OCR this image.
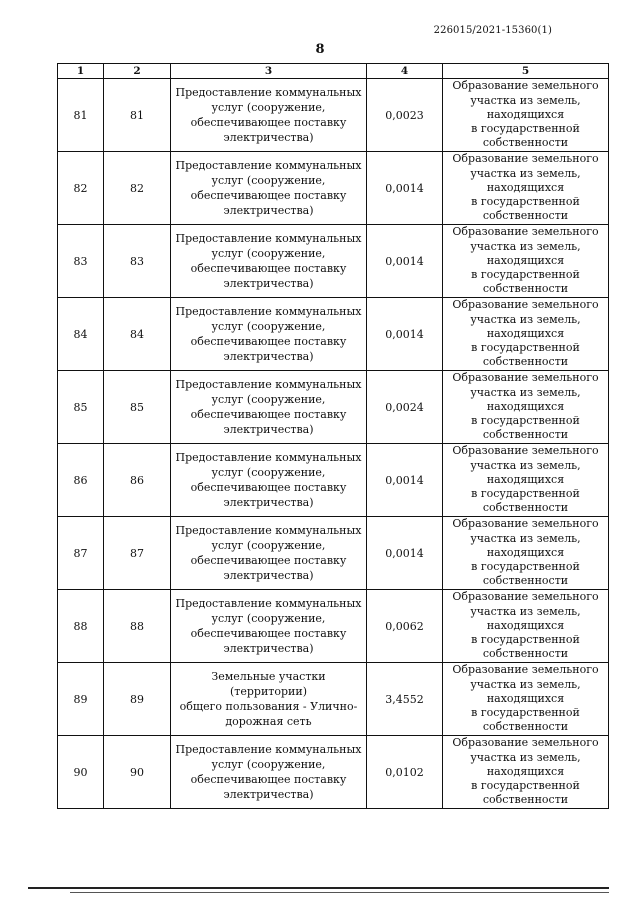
226015/2021-15360(1)
8
1	2	3	4	5
81	81	Предоставление коммунальных
услуг (сооружение,
обеспечивающее поставку
электричества)	0,0023	Образование земельного
участка из земель,
находящихся
в государственной
собственности
82	82	Предоставление коммунальных
услуг (сооружение,
обеспечивающее поставку
электричества)	0,0014	Образование земельного
участка из земель,
находящихся
в государственной
собственности
83	83	Предоставление коммунальных
услуг (сооружение,
обеспечивающее поставку
электричества)	0,0014	Образование земельного
участка из земель,
находящихся
в государственной
собственности
84	84	Предоставление коммунальных
услуг (сооружение,
обеспечивающее поставку
электричества)	0,0014	Образование земельного
участка из земель,
находящихся
в государственной
собственности
85	85	Предоставление коммунальных
услуг (сооружение,
обеспечивающее поставку
электричества)	0,0024	Образование земельного
участка из земель,
находящихся
в государственной
собственности
86	86	Предоставление коммунальных
услуг (сооружение,
обеспечивающее поставку
электричества)	0,0014	Образование земельного
участка из земель,
находящихся
в государственной
собственности
87	87	Предоставление коммунальных
услуг (сооружение,
обеспечивающее поставку
электричества)	0,0014	Образование земельного
участка из земель,
находящихся
в государственной
собственности
88	88	Предоставление коммунальных
услуг (сооружение,
обеспечивающее поставку
электричества)	0,0062	Образование земельного
участка из земель,
находящихся
в государственной
собственности
89	89	Земельные участки (территории)
общего пользования - Улично-
дорожная сеть	3,4552	Образование земельного
участка из земель,
находящихся
в государственной
собственности
90	90	Предоставление коммунальных
услуг (сооружение,
обеспечивающее поставку
электричества)	0,0102	Образование земельного
участка из земель,
находящихся
в государственной
собственности
